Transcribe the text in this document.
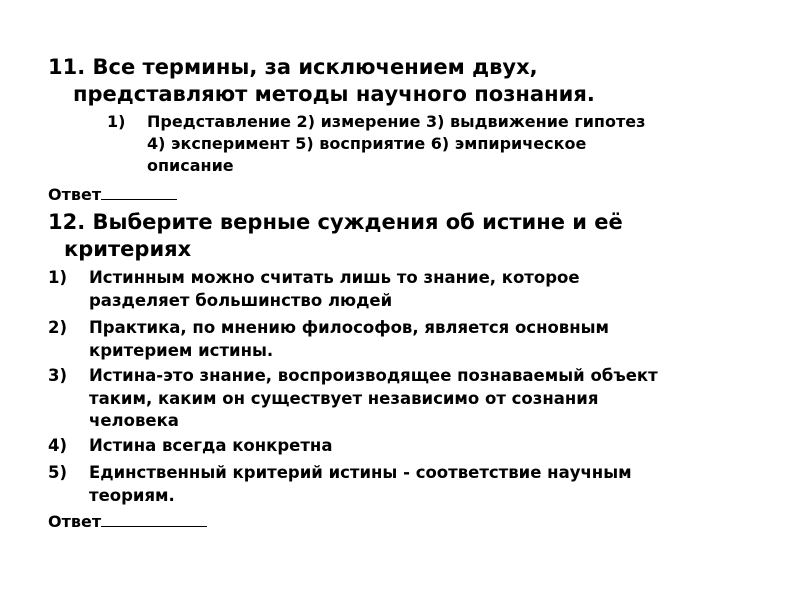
11. Все термины, за исключением двух,
представляют методы научного познания.
1) Представление 2) измерение 3) выдвижение гипотез
4) эксперимент 5) восприятие 6) эмпирическое
описание
Ответ
12. Выберите верные суждения об истине и её
критериях
1) Истинным можно считать лишь то знание, которое
разделяет большинство людей
2) Практика, по мнению философов, является основным
критерием истины.
3) Истина-это знание, воспроизводящее познаваемый объект
таким, каким он существует независимо от сознания
человека
4) Истина всегда конкретна
5) Единственный критерий истины - соответствие научным
теориям.
Ответ
